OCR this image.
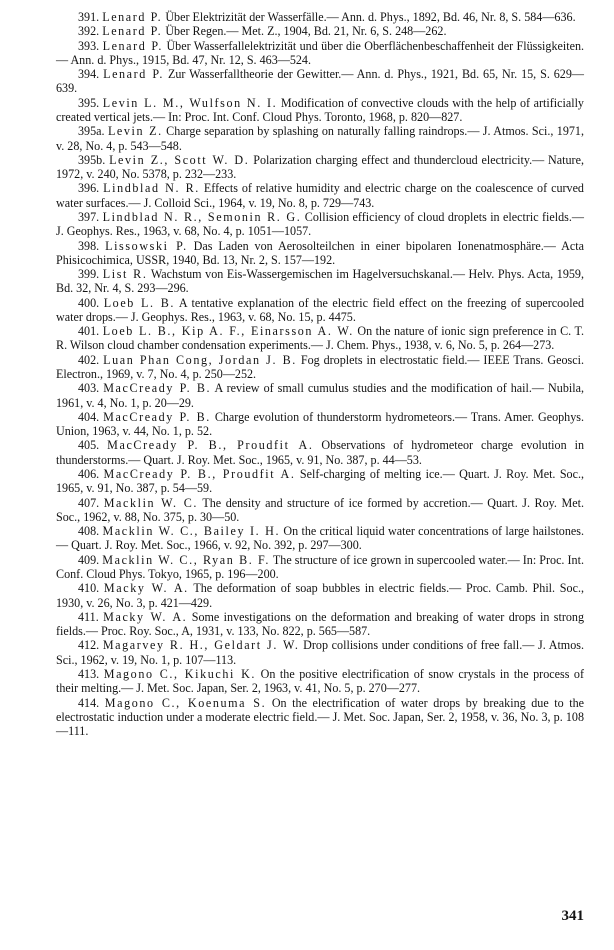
391. Lenard P. Über Elektrizität der Wasserfälle.— Ann. d. Phys., 1892, Bd. 46, Nr. 8, S. 584—636.

392. Lenard P. Über Regen.— Met. Z., 1904, Bd. 21, Nr. 6, S. 248—262.

393. Lenard P. Über Wasserfallelektrizität und über die Oberflächenbeschaffenheit der Flüssigkeiten.— Ann. d. Phys., 1915, Bd. 47, Nr. 12, S. 463—524.

394. Lenard P. Zur Wasserfalltheorie der Gewitter.— Ann. d. Phys., 1921, Bd. 65, Nr. 15, S. 629—639.

395. Levin L. M., Wulfson N. I. Modification of convective clouds with the help of artificially created vertical jets.— In: Proc. Int. Conf. Cloud Phys. Toronto, 1968, p. 820—827.

395a. Levin Z. Charge separation by splashing on naturally falling raindrops.— J. Atmos. Sci., 1971, v. 28, No. 4, p. 543—548.

395b. Levin Z., Scott W. D. Polarization charging effect and thundercloud electricity.— Nature, 1972, v. 240, No. 5378, p. 232—233.

396. Lindblad N. R. Effects of relative humidity and electric charge on the coalescence of curved water surfaces.— J. Colloid Sci., 1964, v. 19, No. 8, p. 729—743.

397. Lindblad N. R., Semonin R. G. Collision efficiency of cloud droplets in electric fields.— J. Geophys. Res., 1963, v. 68, No. 4, p. 1051—1057.

398. Lissowski P. Das Laden von Aerosolteilchen in einer bipolaren Ionenatmosphäre.— Acta Phisicochimica, USSR, 1940, Bd. 13, Nr. 2, S. 157—192.

399. List R. Wachstum von Eis-Wassergemischen im Hagelversuchskanal.— Helv. Phys. Acta, 1959, Bd. 32, Nr. 4, S. 293—296.

400. Loeb L. B. A tentative explanation of the electric field effect on the freezing of supercooled water drops.— J. Geophys. Res., 1963, v. 68, No. 15, p. 4475.

401. Loeb L. B., Kip A. F., Einarsson A. W. On the nature of ionic sign preference in C. T. R. Wilson cloud chamber condensation experiments.— J. Chem. Phys., 1938, v. 6, No. 5, p. 264—273.

402. Luan Phan Cong, Jordan J. B. Fog droplets in electrostatic field.— IEEE Trans. Geosci. Electron., 1969, v. 7, No. 4, p. 250—252.

403. MacCready P. B. A review of small cumulus studies and the modification of hail.— Nubila, 1961, v. 4, No. 1, p. 20—29.

404. MacCready P. B. Charge evolution of thunderstorm hydrometeors.— Trans. Amer. Geophys. Union, 1963, v. 44, No. 1, p. 52.

405. MacCready P. B., Proudfit A. Observations of hydrometeor charge evolution in thunderstorms.— Quart. J. Roy. Met. Soc., 1965, v. 91, No. 387, p. 44—53.

406. MacCready P. B., Proudfit A. Self-charging of melting ice.— Quart. J. Roy. Met. Soc., 1965, v. 91, No. 387, p. 54—59.

407. Macklin W. C. The density and structure of ice formed by accretion.— Quart. J. Roy. Met. Soc., 1962, v. 88, No. 375, p. 30—50.

408. Macklin W. C., Bailey I. H. On the critical liquid water concentrations of large hailstones.— Quart. J. Roy. Met. Soc., 1966, v. 92, No. 392, p. 297—300.

409. Macklin W. C., Ryan B. F. The structure of ice grown in supercooled water.— In: Proc. Int. Conf. Cloud Phys. Tokyo, 1965, p. 196—200.

410. Macky W. A. The deformation of soap bubbles in electric fields.— Proc. Camb. Phil. Soc., 1930, v. 26, No. 3, p. 421—429.

411. Macky W. A. Some investigations on the deformation and breaking of water drops in strong fields.— Proc. Roy. Soc., A, 1931, v. 133, No. 822, p. 565—587.

412. Magarvey R. H., Geldart J. W. Drop collisions under conditions of free fall.— J. Atmos. Sci., 1962, v. 19, No. 1, p. 107—113.

413. Magono C., Kikuchi K. On the positive electrification of snow crystals in the process of their melting.— J. Met. Soc. Japan, Ser. 2, 1963, v. 41, No. 5, p. 270—277.

414. Magono C., Koenuma S. On the electrification of water drops by breaking due to the electrostatic induction under a moderate electric field.— J. Met. Soc. Japan, Ser. 2, 1958, v. 36, No. 3, p. 108—111.

341
